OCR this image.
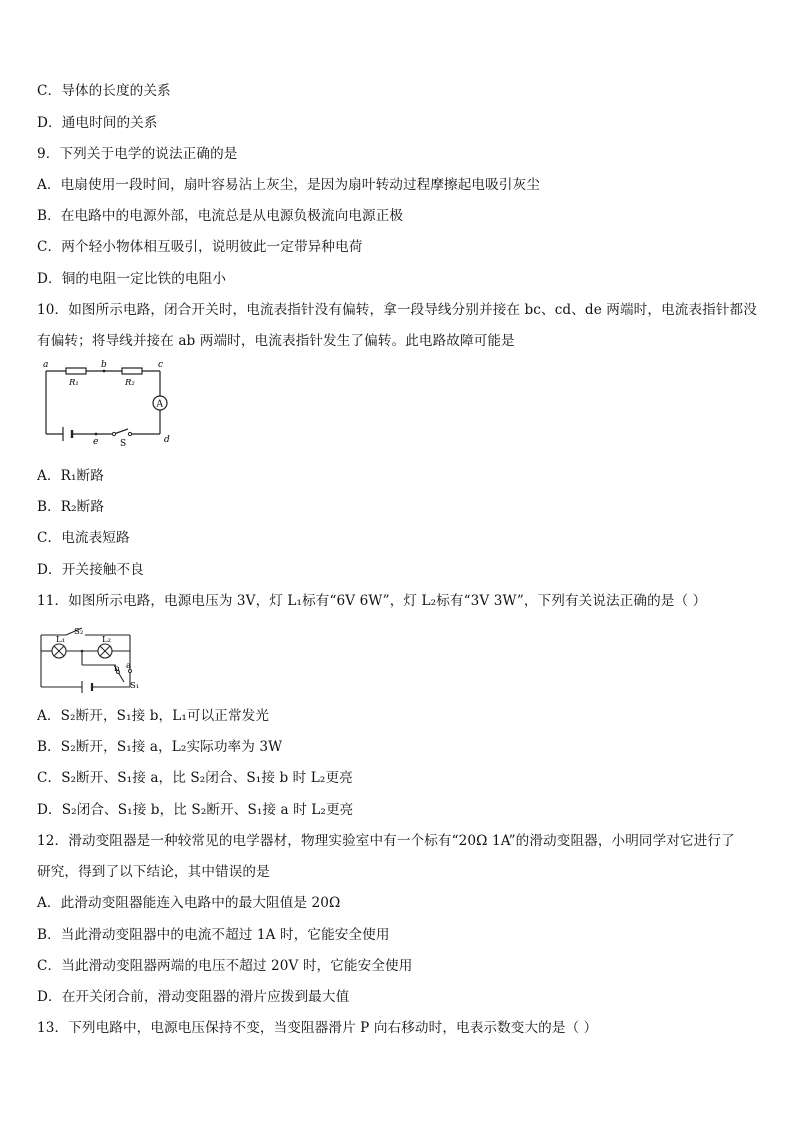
C．导体的长度的关系
D．通电时间的关系
9．下列关于电学的说法正确的是
A．电扇使用一段时间，扇叶容易沾上灰尘，是因为扇叶转动过程摩擦起电吸引灰尘
B．在电路中的电源外部，电流总是从电源负极流向电源正极
C．两个轻小物体相互吸引，说明彼此一定带异种电荷
D．铜的电阻一定比铁的电阻小
10．如图所示电路，闭合开关时，电流表指针没有偏转，拿一段导线分别并接在 bc、cd、de 两端时，电流表指针都没
有偏转；将导线并接在 ab 两端时，电流表指针发生了偏转。此电路故障可能是
a	b	c
d
e
R₁	R₂
A
S
A．R₁断路
B．R₂断路
C．电流表短路
D．开关接触不良
11．如图所示电路，电源电压为 3V，灯 L₁标有“6V 6W”，灯 L₂标有“3V 3W”，下列有关说法正确的是（ ）
L₁	L₂
S₂
S₁
b a
A．S₂断开，S₁接 b，L₁可以正常发光
B．S₂断开，S₁接 a，L₂实际功率为 3W
C．S₂断开、S₁接 a，比 S₂闭合、S₁接 b 时 L₂更亮
D．S₂闭合、S₁接 b，比 S₂断开、S₁接 a 时 L₂更亮
12．滑动变阻器是一种较常见的电学器材，物理实验室中有一个标有“20Ω 1A”的滑动变阻器，小明同学对它进行了
研究，得到了以下结论，其中错误的是
A．此滑动变阻器能连入电路中的最大阻值是 20Ω
B．当此滑动变阻器中的电流不超过 1A 时，它能安全使用
C．当此滑动变阻器两端的电压不超过 20V 时，它能安全使用
D．在开关闭合前，滑动变阻器的滑片应拨到最大值
13．下列电路中，电源电压保持不变，当变阻器滑片 P 向右移动时，电表示数变大的是（ ）
